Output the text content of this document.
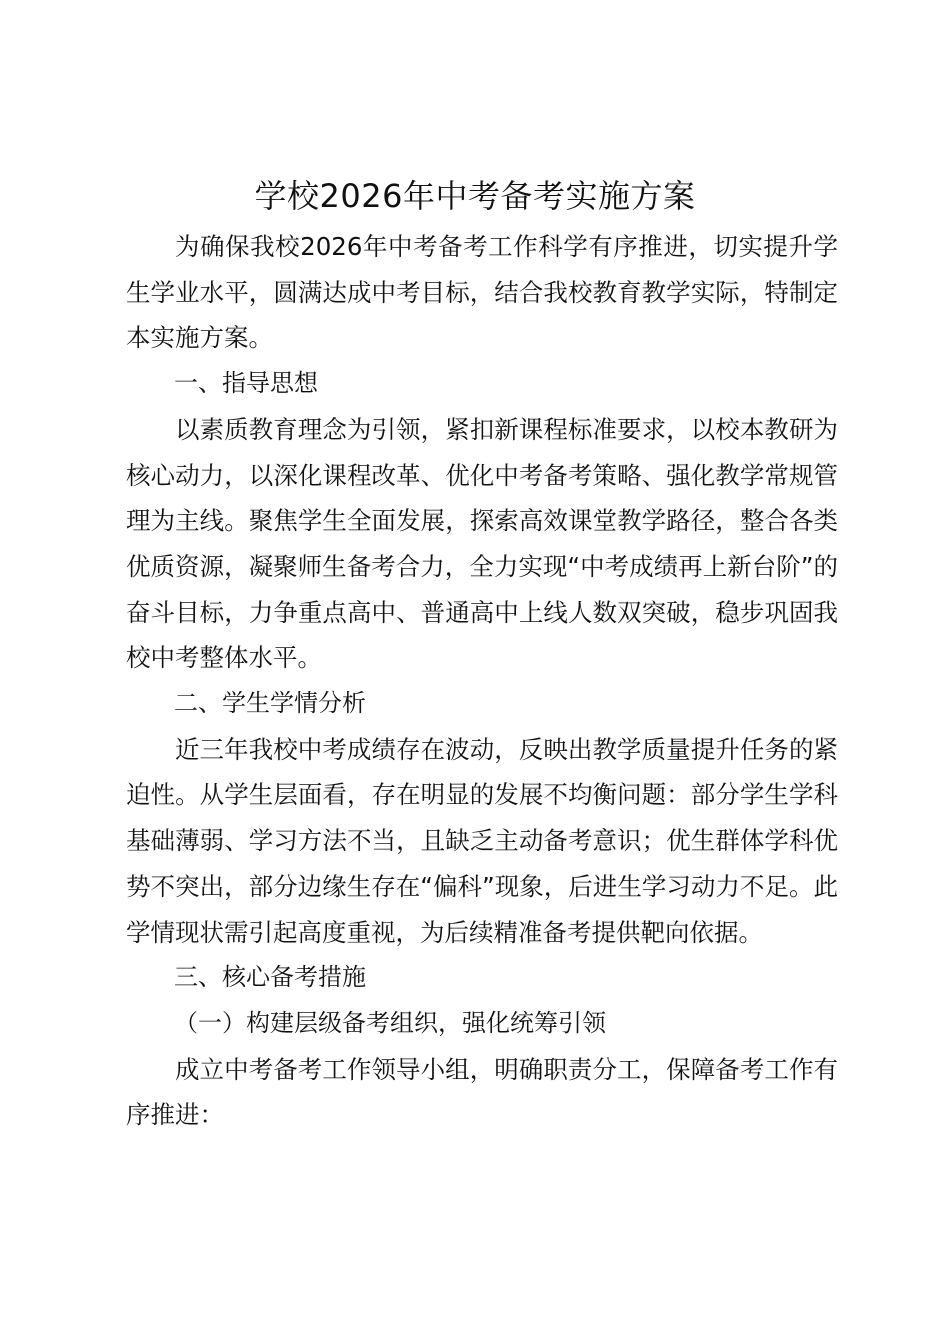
学校2026年中考备考实施方案

为确保我校2026年中考备考工作科学有序推进，切实提升学生学业水平，圆满达成中考目标，结合我校教育教学实际，特制定本实施方案。

一、指导思想

以素质教育理念为引领，紧扣新课程标准要求，以校本教研为核心动力，以深化课程改革、优化中考备考策略、强化教学常规管理为主线。聚焦学生全面发展，探索高效课堂教学路径，整合各类优质资源，凝聚师生备考合力，全力实现“中考成绩再上新台阶”的奋斗目标，力争重点高中、普通高中上线人数双突破，稳步巩固我校中考整体水平。

二、学生学情分析

近三年我校中考成绩存在波动，反映出教学质量提升任务的紧迫性。从学生层面看，存在明显的发展不均衡问题：部分学生学科基础薄弱、学习方法不当，且缺乏主动备考意识；优生群体学科优势不突出，部分边缘生存在“偏科”现象，后进生学习动力不足。此学情现状需引起高度重视，为后续精准备考提供靶向依据。

三、核心备考措施

（一）构建层级备考组织，强化统筹引领

成立中考备考工作领导小组，明确职责分工，保障备考工作有序推进：
